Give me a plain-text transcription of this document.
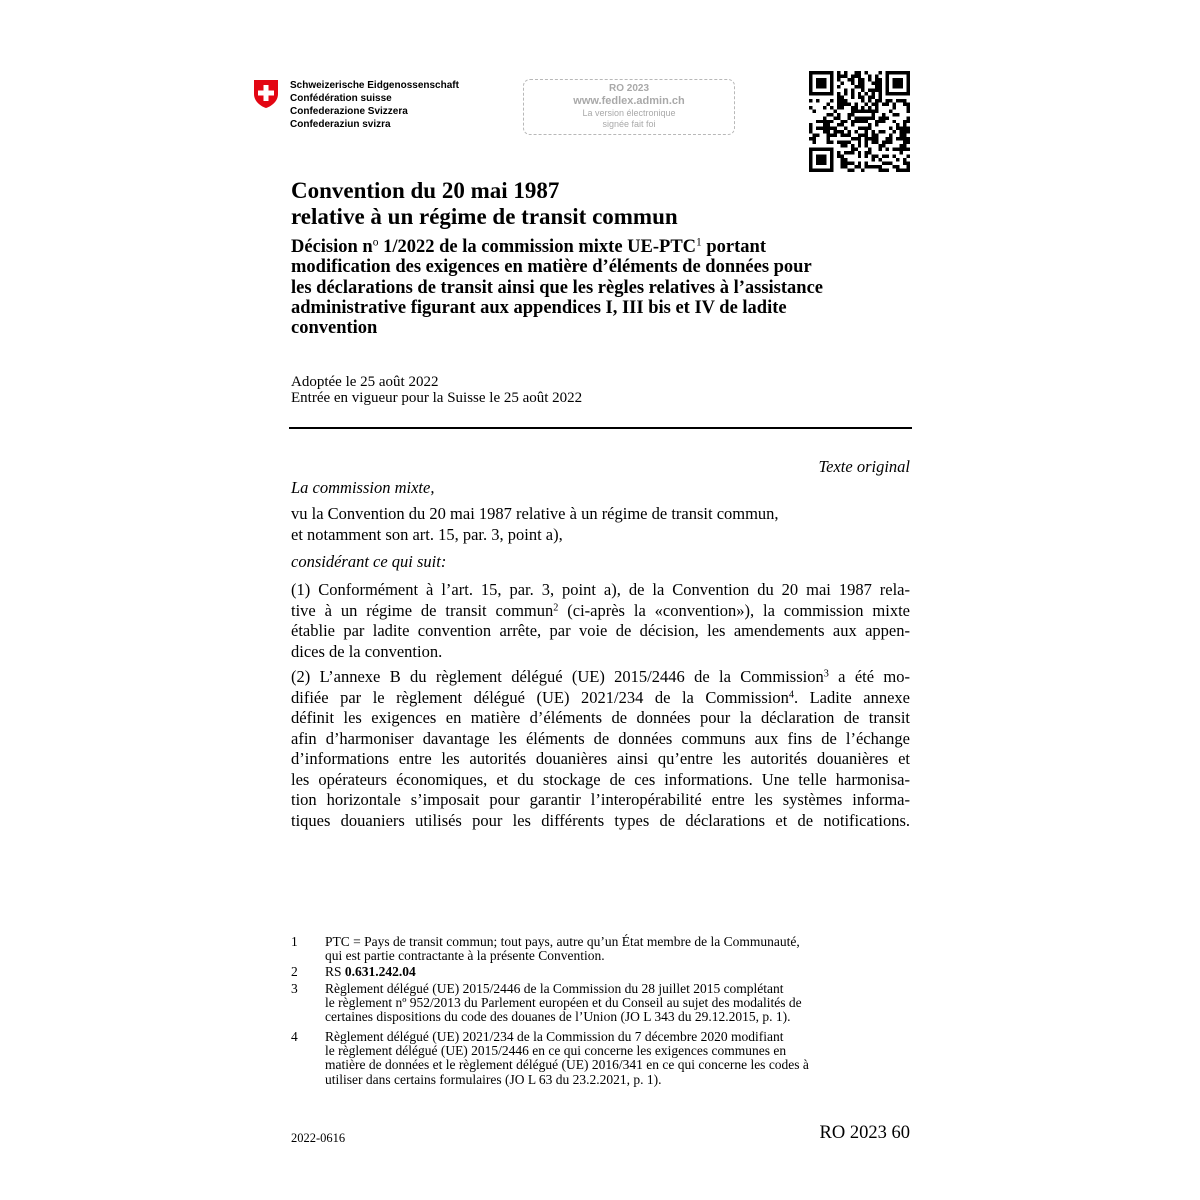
Schweizerische Eidgenossenschaft
Confédération suisse
Confederazione Svizzera
Confederaziun svizra
RO 2023
www.fedlex.admin.ch
La version électronique
signée fait foi
Convention du 20 mai 1987
relative à un régime de transit commun
Décision $n^o$ 1/2022 de la commission mixte UE-PTC$^1$ portant
modification des exigences en matière d’éléments de données pour
les déclarations de transit ainsi que les règles relatives à l’assistance
administrative figurant aux appendices I, III bis et IV de ladite
convention
Adoptée le 25 août 2022
Entrée en vigueur pour la Suisse le 25 août 2022
Texte original
La commission mixte,
vu la Convention du 20 mai 1987 relative à un régime de transit commun,
et notamment son art. 15, par. 3, point a),
considérant ce qui suit:
(1) Conformément à l’art. 15, par. 3, point a), de la Convention du 20 mai 1987 rela-
tive à un régime de transit commun$^2$ (ci-après la «convention»), la commission mixte
établie par ladite convention arrête, par voie de décision, les amendements aux appen-
dices de la convention.
(2) L’annexe B du règlement délégué (UE) 2015/2446 de la Commission$^3$ a été mo-
difiée par le règlement délégué (UE) 2021/234 de la Commission$^4$. Ladite annexe
définit les exigences en matière d’éléments de données pour la déclaration de transit
afin d’harmoniser davantage les éléments de données communs aux fins de l’échange
d’informations entre les autorités douanières ainsi qu’entre les autorités douanières et
les opérateurs économiques, et du stockage de ces informations. Une telle harmonisa-
tion horizontale s’imposait pour garantir l’interopérabilité entre les systèmes informa-
tiques douaniers utilisés pour les différents types de déclarations et de notifications.
1 PTC = Pays de transit commun; tout pays, autre qu’un État membre de la Communauté,
qui est partie contractante à la présente Convention.
2 RS 0.631.242.04
3 Règlement délégué (UE) 2015/2446 de la Commission du 28 juillet 2015 complétant
le règlement nº 952/2013 du Parlement européen et du Conseil au sujet des modalités de
certaines dispositions du code des douanes de l’Union (JO L 343 du 29.12.2015, p. 1).
4 Règlement délégué (UE) 2021/234 de la Commission du 7 décembre 2020 modifiant
le règlement délégué (UE) 2015/2446 en ce qui concerne les exigences communes en
matière de données et le règlement délégué (UE) 2016/341 en ce qui concerne les codes à
utiliser dans certains formulaires (JO L 63 du 23.2.2021, p. 1).
2022-0616	RO 2023 60
